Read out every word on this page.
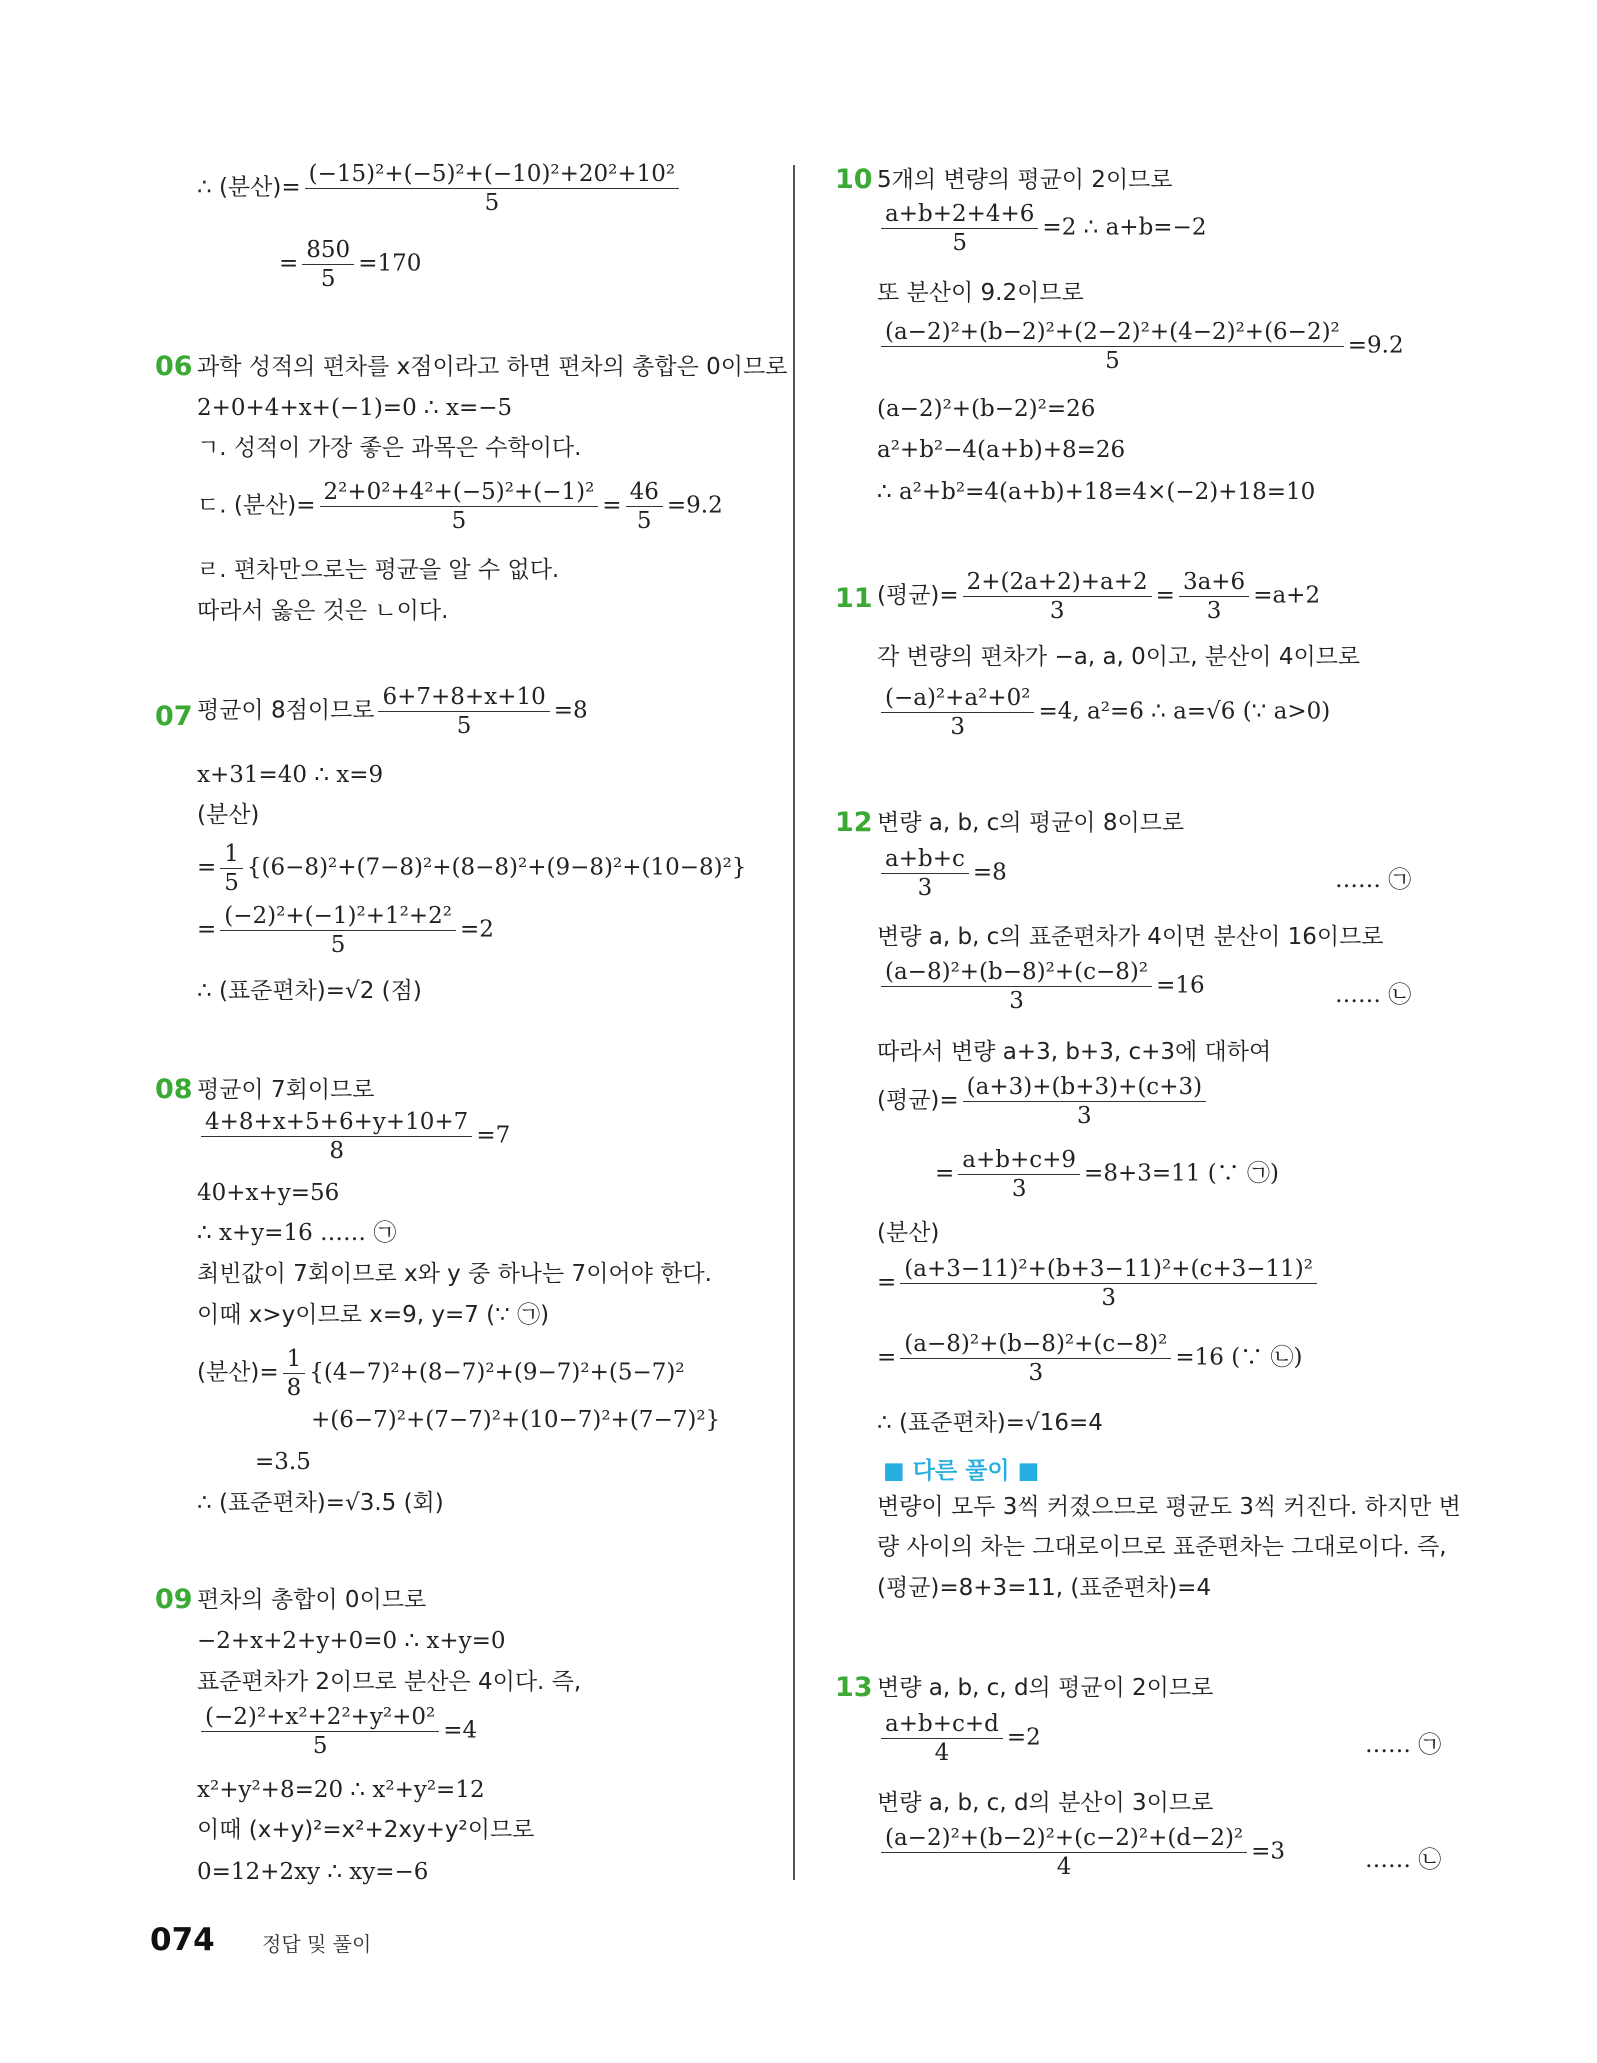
∴ (분산)= $\frac{\text{(−15)²+(−5)²+(−10)²+20²+10²}}{5}$
= $\frac{850}{5} =170$
06 과학 성적의 편차를 x점이라고 하면 편차의 총합은 0이므로
2+0+4+x+(−1)=0 ∴ x=−5
ㄱ. 성적이 가장 좋은 과목은 수학이다.
ㄷ. (분산)= $\frac{\text{2²+0²+4²+(−5)²+(−1)²}}{5} = \frac{46}{5} =9.2$
ㄹ. 편차만으로는 평균을 알 수 없다.
따라서 옳은 것은 ㄴ이다.
07 평균이 8점이므로 $\frac{6+7+8+x+10}{5} =8$
x+31=40 ∴ x=9
(분산)
= $\frac{1}{5} \{(6-8)^2+(7-8)^2+(8-8)^2+(9-8)^2+(10-8)^2\}$
= $\frac{\text{(−2)²+(−1)²+1²+2²}}{5} =2$
∴ (표준편차)=√2 (점)
08 평균이 7회이므로
$\frac{4+8+x+5+6+y+10+7}{8} =7$
40+x+y=56
∴ x+y=16 …… ㉠
최빈값이 7회이므로 x와 y 중 하나는 7이어야 한다.
이때 x>y이므로 x=9, y=7 (∵ ㉠)
(분산)= $\frac{1}{8} \{(4-7)^2+(8-7)^2+(9-7)^2+(5-7)^2$
+(6−7)²+(7−7)²+(10−7)²+(7−7)²}
=3.5
∴ (표준편차)=√3.5 (회)
09 편차의 총합이 0이므로
−2+x+2+y+0=0 ∴ x+y=0
표준편차가 2이므로 분산은 4이다. 즉,
$\frac{\text{(−2)²+x²+2²+y²+0²}}{5} =4$
x²+y²+8=20 ∴ x²+y²=12
이때 (x+y)²=x²+2xy+y²이므로
0=12+2xy ∴ xy=−6
10 5개의 변량의 평균이 2이므로
$\frac{a+b+2+4+6}{5} =2$ ∴ a+b=−2
또 분산이 9.2이므로
$\frac{\text{(a−2)²+(b−2)²+(2−2)²+(4−2)²+(6−2)²}}{5} =9.2$
(a−2)²+(b−2)²=26
a²+b²−4(a+b)+8=26
∴ a²+b²=4(a+b)+18=4×(−2)+18=10
11 (평균)= $\frac{2+(2a+2)+a+2}{3} = \frac{3a+6}{3} =a+2$
각 변량의 편차가 −a, a, 0이고, 분산이 4이므로
$\frac{\text{(−a)²+a²+0²}}{3} =4$, a²=6 ∴ a=√6 (∵ a>0)
12 변량 a, b, c의 평균이 8이므로
$\frac{a+b+c}{3} =8$	…… ㉠
변량 a, b, c의 표준편차가 4이면 분산이 16이므로
$\frac{\text{(a−8)²+(b−8)²+(c−8)²}}{3} =16$	…… ㉡
따라서 변량 a+3, b+3, c+3에 대하여
(평균)= $\frac{(a+3)+(b+3)+(c+3)}{3}$
= $\frac{a+b+c+9}{3} =8+3=11$ (∵ ㉠)
(분산)
= $\frac{\text{(a+3−11)²+(b+3−11)²+(c+3−11)²}}{3}$
= $\frac{\text{(a−8)²+(b−8)²+(c−8)²}}{3} =16$ (∵ ㉡)
∴ (표준편차)=√16=4
■ 다른 풀이 ■
변량이 모두 3씩 커졌으므로 평균도 3씩 커진다. 하지만 변
량 사이의 차는 그대로이므로 표준편차는 그대로이다. 즉,
(평균)=8+3=11, (표준편차)=4
13 변량 a, b, c, d의 평균이 2이므로
$\frac{a+b+c+d}{4} =2$	…… ㉠
변량 a, b, c, d의 분산이 3이므로
$\frac{\text{(a−2)²+(b−2)²+(c−2)²+(d−2)²}}{4} =3$	…… ㉡
074 정답 및 풀이
